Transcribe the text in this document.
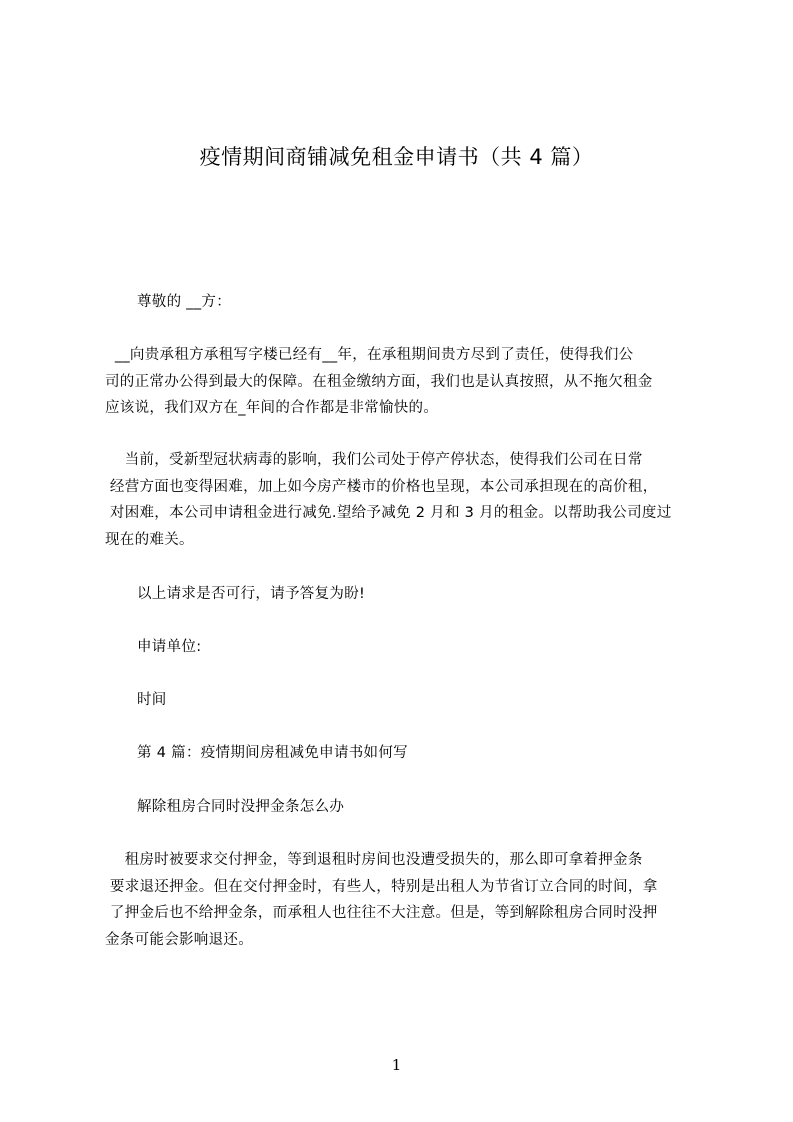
疫情期间商铺减免租金申请书（共 4 篇）
尊敬的 __方：
__向贵承租方承租写字楼已经有__年，在承租期间贵方尽到了责任，使得我们公
司的正常办公得到最大的保障。在租金缴纳方面，我们也是认真按照，从不拖欠租金
应该说，我们双方在_年间的合作都是非常愉快的。
当前，受新型冠状病毒的影响，我们公司处于停产停状态，使得我们公司在日常
经营方面也变得困难，加上如今房产楼市的价格也呈现，本公司承担现在的高价租，
对困难，本公司申请租金进行减免.望给予减免 2 月和 3 月的租金。以帮助我公司度过
现在的难关。
以上请求是否可行，请予答复为盼!
申请单位:
时间
第 4 篇：疫情期间房租减免申请书如何写
解除租房合同时没押金条怎么办
租房时被要求交付押金，等到退租时房间也没遭受损失的，那么即可拿着押金条
要求退还押金。但在交付押金时，有些人，特别是出租人为节省订立合同的时间，拿
了押金后也不给押金条，而承租人也往往不大注意。但是，等到解除租房合同时没押
金条可能会影响退还。
1
